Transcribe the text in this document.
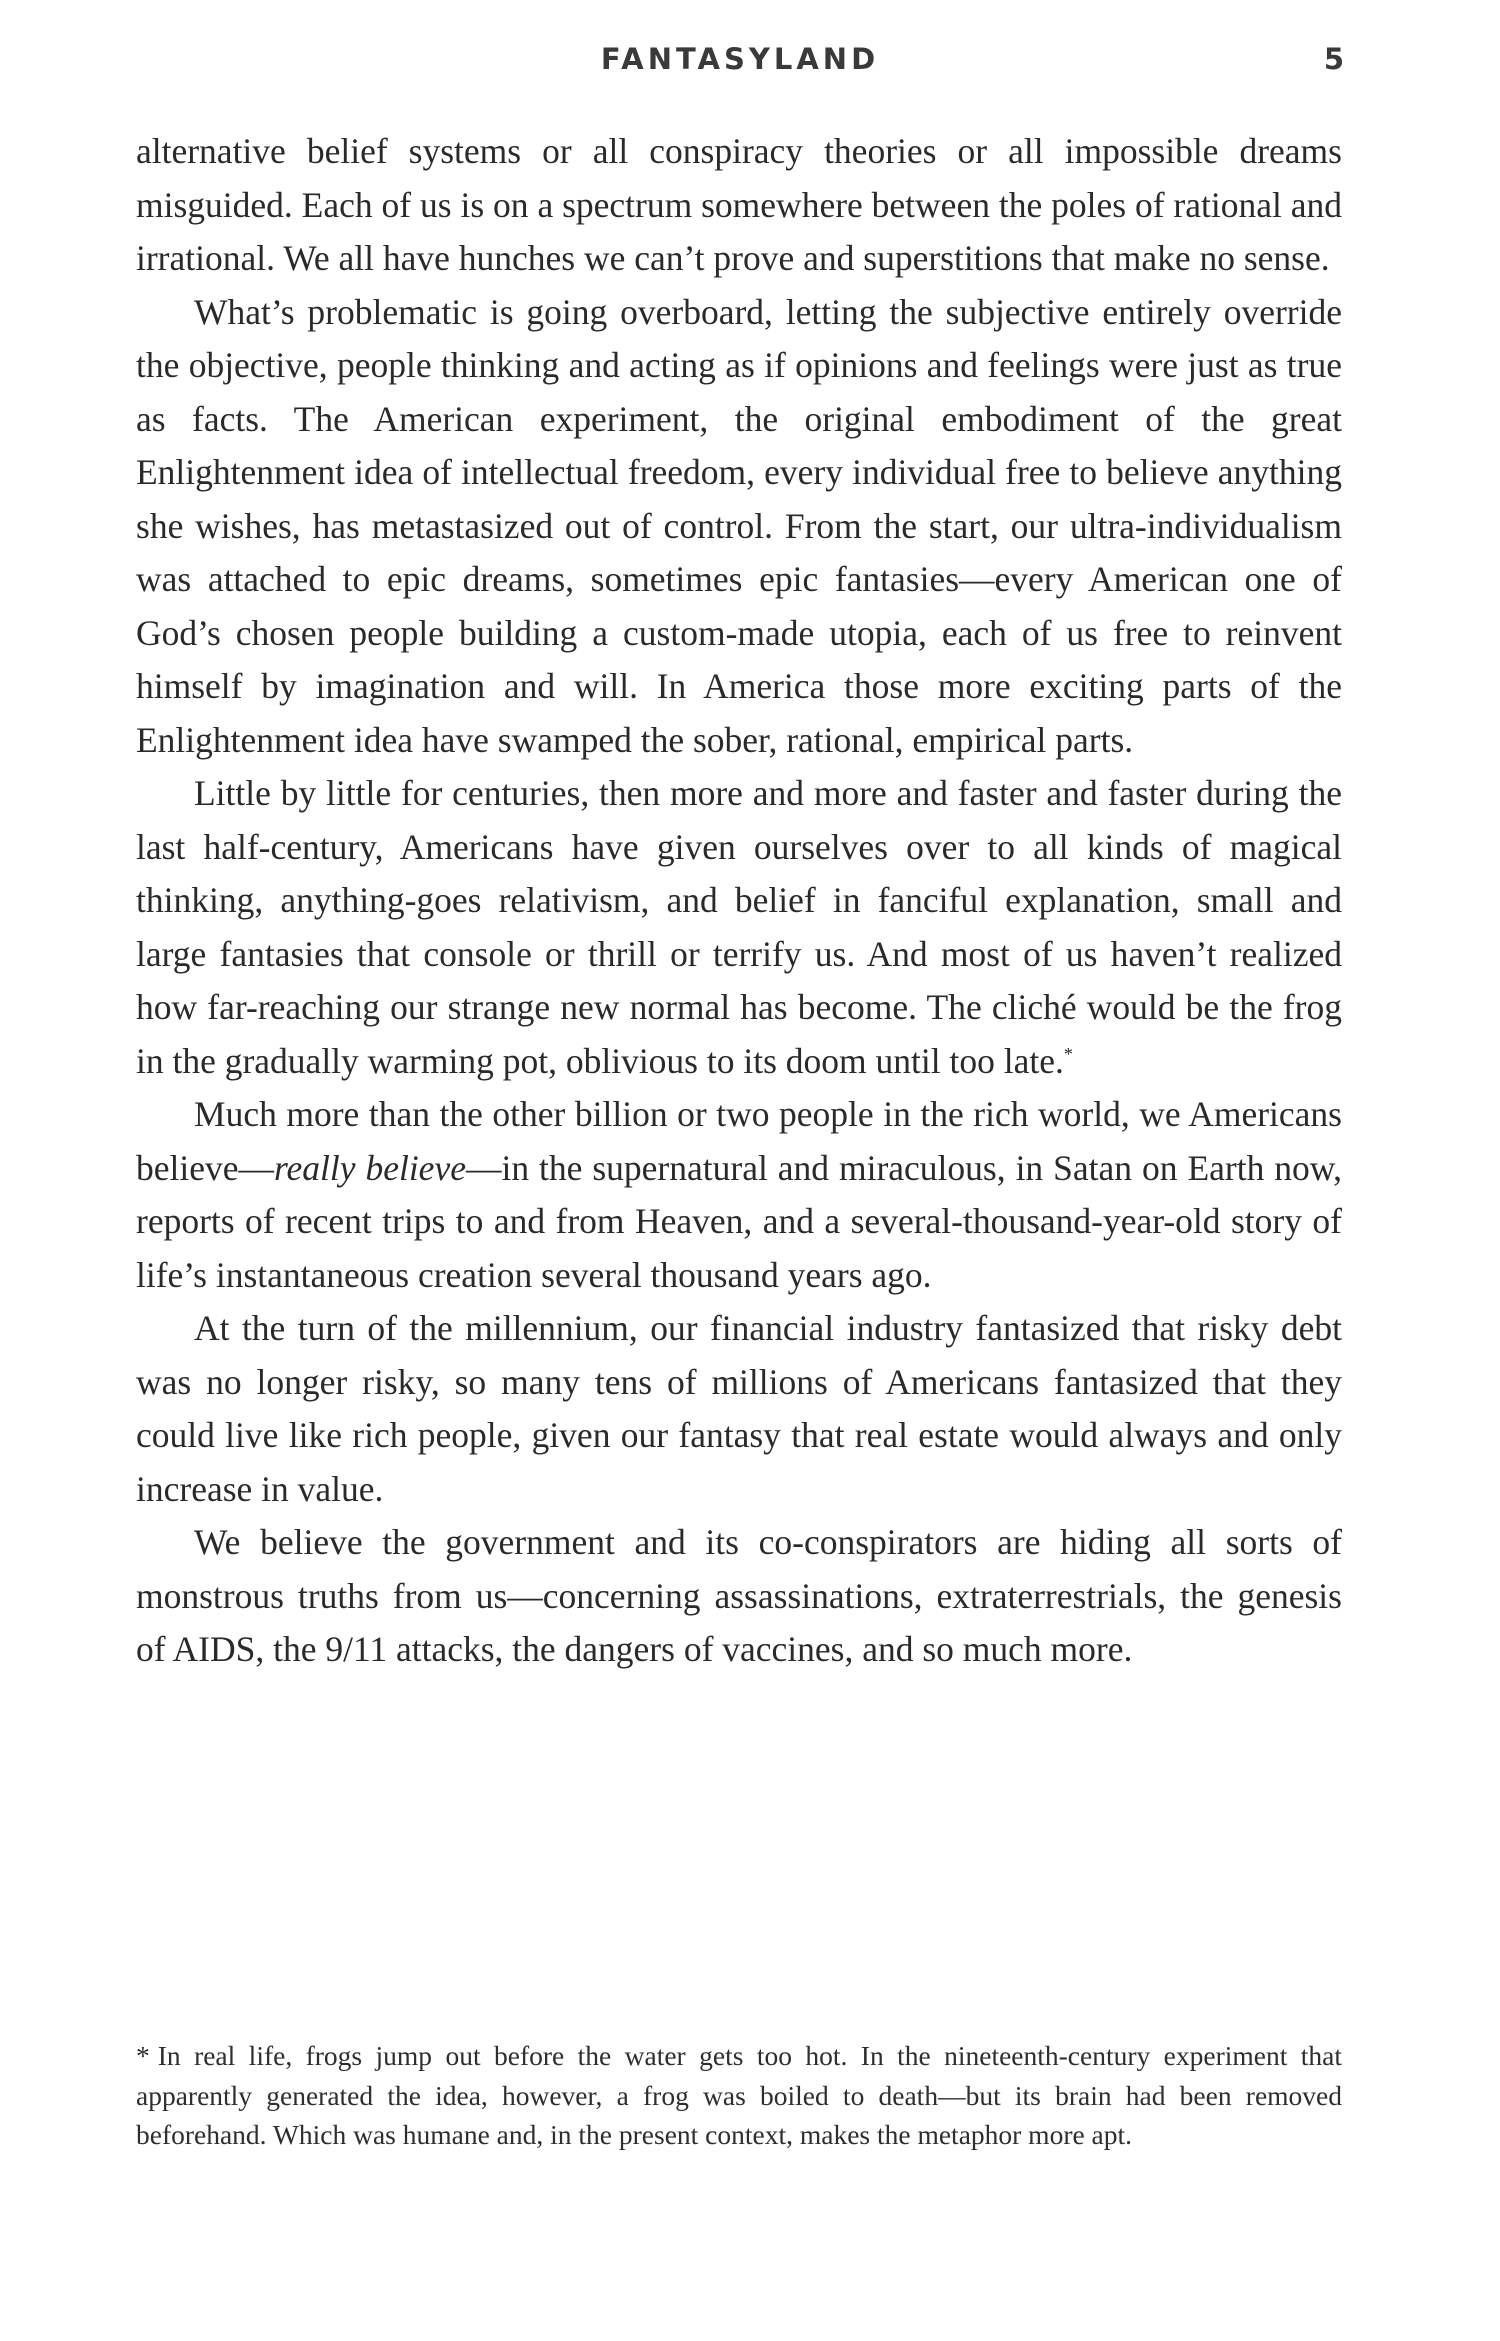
FANTASYLAND	5

alternative belief systems or all conspiracy theories or all impossible dreams misguided. Each of us is on a spectrum somewhere between the poles of rational and irrational. We all have hunches we can’t prove and superstitions that make no sense.

What’s problematic is going overboard, letting the subjective entirely override the objective, people thinking and acting as if opinions and feelings were just as true as facts. The American experiment, the original embodiment of the great Enlightenment idea of intellectual freedom, every individual free to believe anything she wishes, has metastasized out of control. From the start, our ultra-individualism was attached to epic dreams, sometimes epic fantasies—every American one of God’s chosen people building a custom-made utopia, each of us free to reinvent himself by imagination and will. In America those more exciting parts of the Enlightenment idea have swamped the sober, rational, empirical parts.

Little by little for centuries, then more and more and faster and faster during the last half-century, Americans have given ourselves over to all kinds of magical thinking, anything-goes relativism, and belief in fanciful explanation, small and large fantasies that console or thrill or terrify us. And most of us haven’t realized how far-reaching our strange new normal has become. The cliché would be the frog in the gradually warming pot, oblivious to its doom until too late.*

Much more than the other billion or two people in the rich world, we Americans believe—really believe—in the supernatural and miraculous, in Satan on Earth now, reports of recent trips to and from Heaven, and a several-thousand-year-old story of life’s instantaneous creation several thousand years ago.

At the turn of the millennium, our financial industry fantasized that risky debt was no longer risky, so many tens of millions of Americans fantasized that they could live like rich people, given our fantasy that real estate would always and only increase in value.

We believe the government and its co-conspirators are hiding all sorts of monstrous truths from us—concerning assassinations, extraterrestrials, the genesis of AIDS, the 9/11 attacks, the dangers of vaccines, and so much more.

* In real life, frogs jump out before the water gets too hot. In the nineteenth-century experiment that apparently generated the idea, however, a frog was boiled to death—but its brain had been removed beforehand. Which was humane and, in the present context, makes the metaphor more apt.
